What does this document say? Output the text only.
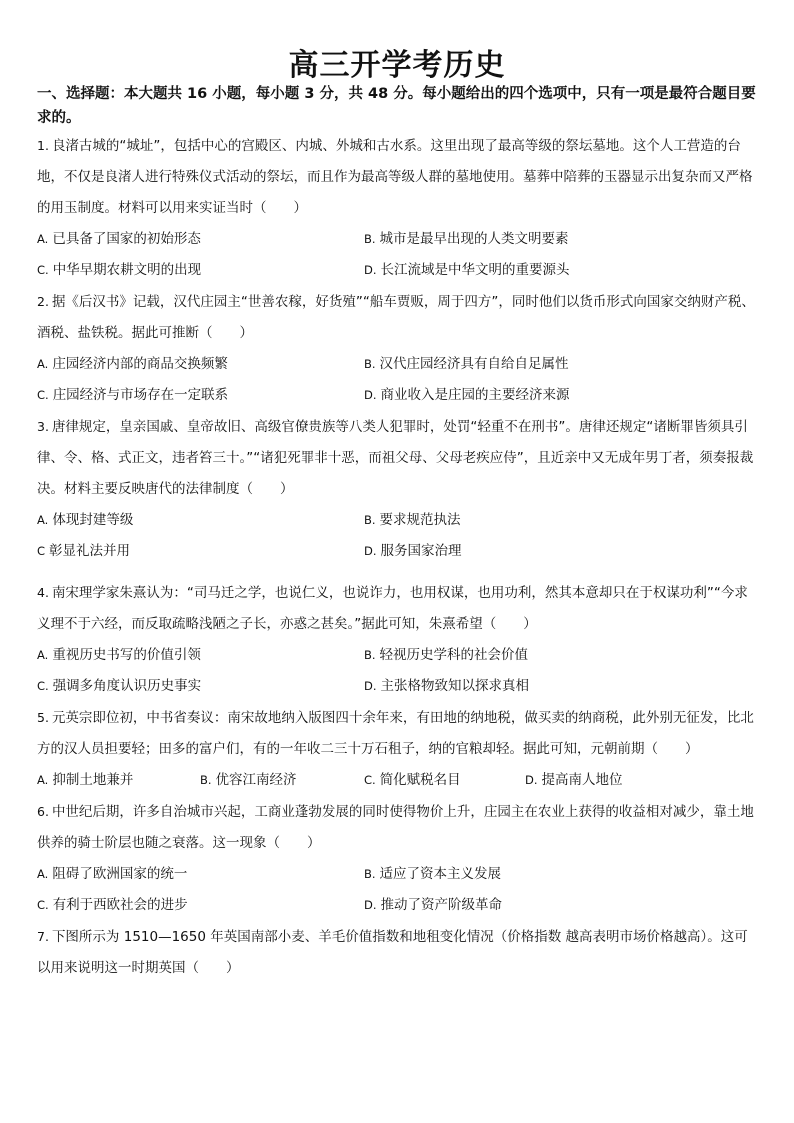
高三开学考历史
一、选择题：本大题共 16 小题，每小题 3 分，共 48 分。每小题给出的四个选项中，只有一项是最符合题目要求的。

1. 良渚古城的“城址”，包括中心的宫殿区、内城、外城和古水系。这里出现了最高等级的祭坛墓地。这个人工营造的台地，不仅是良渚人进行特殊仪式活动的祭坛，而且作为最高等级人群的墓地使用。墓葬中陪葬的玉器显示出复杂而又严格的用玉制度。材料可以用来实证当时（　　）

A. 已具备了国家的初始形态	B. 城市是最早出现的人类文明要素
C. 中华早期农耕文明的出现	D. 长江流域是中华文明的重要源头

2. 据《后汉书》记载，汉代庄园主“世善农稼，好货殖”“船车贾贩，周于四方”，同时他们以货币形式向国家交纳财产税、酒税、盐铁税。据此可推断（　　）

A. 庄园经济内部的商品交换频繁	B. 汉代庄园经济具有自给自足属性
C. 庄园经济与市场存在一定联系	D. 商业收入是庄园的主要经济来源

3. 唐律规定，皇亲国戚、皇帝故旧、高级官僚贵族等八类人犯罪时，处罚“轻重不在刑书”。唐律还规定“诸断罪皆须具引律、令、格、式正文，违者笞三十。”“诸犯死罪非十恶，而祖父母、父母老疾应侍”，且近亲中又无成年男丁者，须奏报裁决。材料主要反映唐代的法律制度（　　）

A. 体现封建等级	B. 要求规范执法
C 彰显礼法并用	D. 服务国家治理

4. 南宋理学家朱熹认为：“司马迁之学，也说仁义，也说诈力，也用权谋，也用功利，然其本意却只在于权谋功利”“今求义理不于六经，而反取疏略浅陋之子长，亦惑之甚矣。”据此可知，朱熹希望（　　）

A. 重视历史书写的价值引领	B. 轻视历史学科的社会价值
C. 强调多角度认识历史事实	D. 主张格物致知以探求真相

5. 元英宗即位初，中书省奏议：南宋故地纳入版图四十余年来，有田地的纳地税，做买卖的纳商税，此外别无征发，比北方的汉人员担要轻；田多的富户们，有的一年收二三十万石租子，纳的官粮却轻。据此可知，元朝前期（　　）

A. 抑制土地兼并	B. 优容江南经济	C. 简化赋税名目	D. 提高南人地位

6. 中世纪后期，许多自治城市兴起，工商业蓬勃发展的同时使得物价上升，庄园主在农业上获得的收益相对减少，靠土地供养的骑士阶层也随之衰落。这一现象（　　）

A. 阻碍了欧洲国家的统一	B. 适应了资本主义发展
C. 有利于西欧社会的进步	D. 推动了资产阶级革命

7. 下图所示为 1510—1650 年英国南部小麦、羊毛价值指数和地租变化情况（价格指数 越高表明市场价格越高）。这可以用来说明这一时期英国（　　）
